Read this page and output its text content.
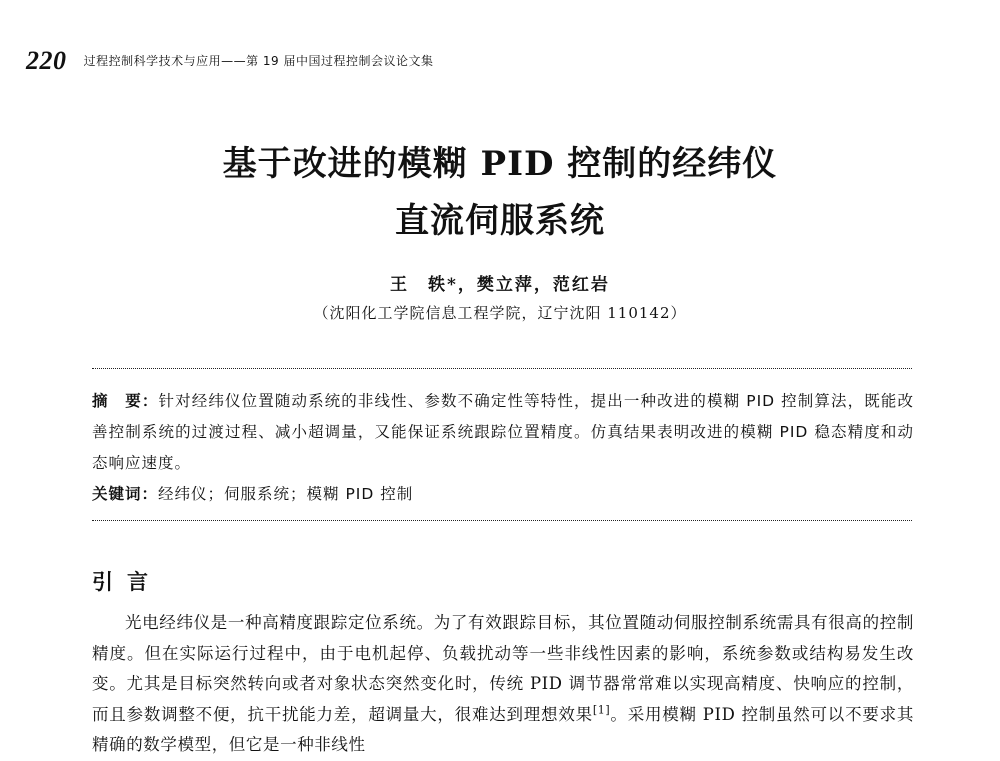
220 $^{过程控制科学技术与应用——第 19 届中国过程控制会议论文集}$
基于改进的模糊 PID 控制的经纬仪
直流伺服系统
王　轶*，樊立萍，范红岩
（沈阳化工学院信息工程学院，辽宁沈阳 110142）
摘　要：针对经纬仪位置随动系统的非线性、参数不确定性等特性，提出一种改进的模糊 PID 控制算法，既能改善控制系统的过渡过程、减小超调量，又能保证系统跟踪位置精度。仿真结果表明改进的模糊 PID 稳态精度和动态响应速度。
关键词：经纬仪；伺服系统；模糊 PID 控制
引言

光电经纬仪是一种高精度跟踪定位系统。为了有效跟踪目标，其位置随动伺服控制系统需具有很高的控制精度。但在实际运行过程中，由于电机起停、负载扰动等一些非线性因素的影响，系统参数或结构易发生改变。尤其是目标突然转向或者对象状态突然变化时，传统 PID 调节器常常难以实现高精度、快响应的控制，而且参数调整不便，抗干扰能力差，超调量大，很难达到理想效果[1]。采用模糊 PID 控制虽然可以不要求其精确的数学模型，但它是一种非线性
